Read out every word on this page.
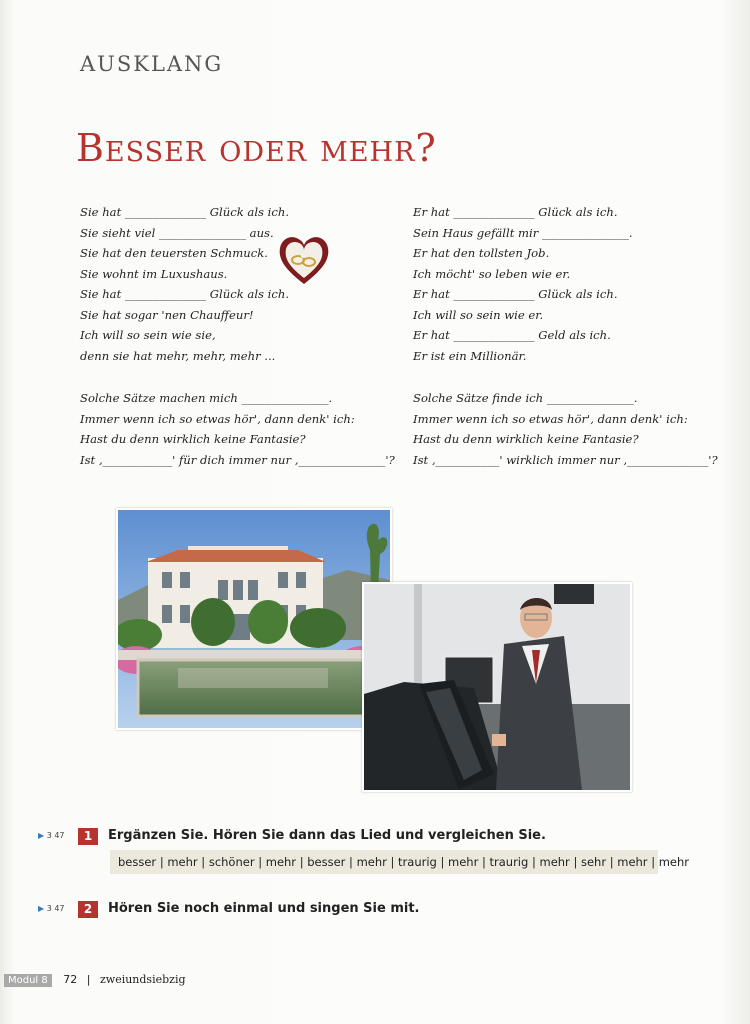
AUSKLANG
Besser oder mehr?
Sie hat ______________ Glück als ich.
Sie sieht viel _______________ aus.
Sie hat den teuersten Schmuck.
Sie wohnt im Luxushaus.
Sie hat ______________ Glück als ich.
Sie hat sogar 'nen Chauffeur!
Ich will so sein wie sie,
denn sie hat mehr, mehr, mehr ...
Er hat ______________ Glück als ich.
Sein Haus gefällt mir _______________.
Er hat den tollsten Job.
Ich möcht' so leben wie er.
Er hat ______________ Glück als ich.
Ich will so sein wie er.
Er hat ______________ Geld als ich.
Er ist ein Millionär.
Solche Sätze machen mich _______________.
Immer wenn ich so etwas hör', dann denk' ich:
Hast du denn wirklich keine Fantasie?
Ist ‚____________' für dich immer nur ‚_______________'?
Solche Sätze finde ich _______________.
Immer wenn ich so etwas hör', dann denk' ich:
Hast du denn wirklich keine Fantasie?
Ist ‚___________' wirklich immer nur ‚______________'?
▶ 3 47	1	Ergänzen Sie. Hören Sie dann das Lied und vergleichen Sie.
besser | mehr | schöner | mehr | besser | mehr | traurig | mehr | traurig | mehr | sehr | mehr | mehr
▶ 3 47	2	Hören Sie noch einmal und singen Sie mit.
Modul 8 72 | zweiundsiebzig
